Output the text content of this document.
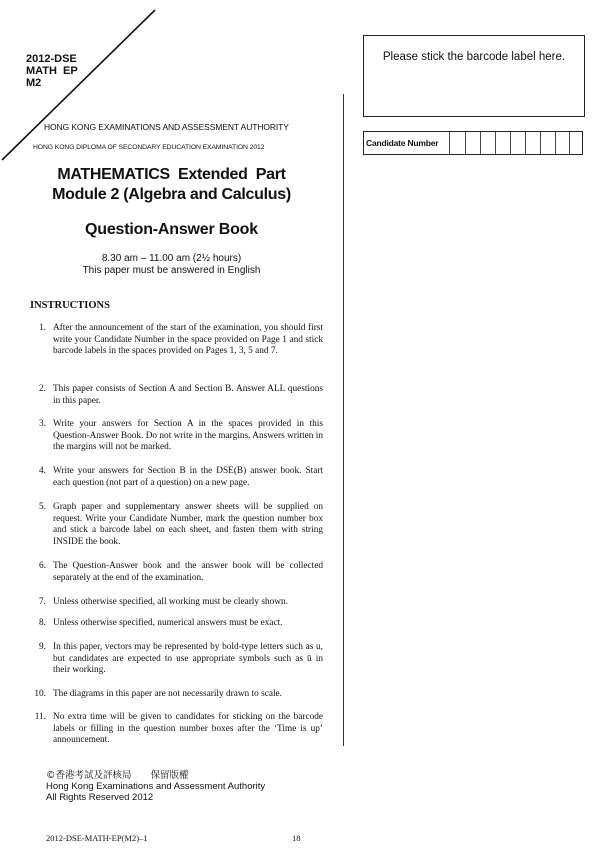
2012-DSE
MATH EP
M2
HONG KONG EXAMINATIONS AND ASSESSMENT AUTHORITY
HONG KONG DIPLOMA OF SECONDARY EDUCATION EXAMINATION 2012
MATHEMATICS Extended Part
Module 2 (Algebra and Calculus)
Question-Answer Book
8.30 am – 11.00 am (2½ hours)
This paper must be answered in English
Please stick the barcode label here.
Candidate Number
INSTRUCTIONS
1. After the announcement of the start of the examination, you should first write your Candidate Number in the space provided on Page 1 and stick barcode labels in the spaces provided on Pages 1, 3, 5 and 7.
2. This paper consists of Section A and Section B. Answer ALL questions in this paper.
3. Write your answers for Section A in the spaces provided in this Question-Answer Book. Do not write in the margins. Answers written in the margins will not be marked.
4. Write your answers for Section B in the DSE(B) answer book. Start each question (not part of a question) on a new page.
5. Graph paper and supplementary answer sheets will be supplied on request. Write your Candidate Number, mark the question number box and stick a barcode label on each sheet, and fasten them with string INSIDE the book.
6. The Question-Answer book and the answer book will be collected separately at the end of the examination.
7. Unless otherwise specified, all working must be clearly shown.
8. Unless otherwise specified, numerical answers must be exact.
9. In this paper, vectors may be represented by bold-type letters such as u, but candidates are expected to use appropriate symbols such as ū in their working.
10. The diagrams in this paper are not necessarily drawn to scale.
11. No extra time will be given to candidates for sticking on the barcode labels or filling in the question number boxes after the ‘Time is up’ announcement.
©香港考試及評核局　　保留版權
Hong Kong Examinations and Assessment Authority
All Rights Reserved 2012
2012-DSE-MATH-EP(M2)–1	18
